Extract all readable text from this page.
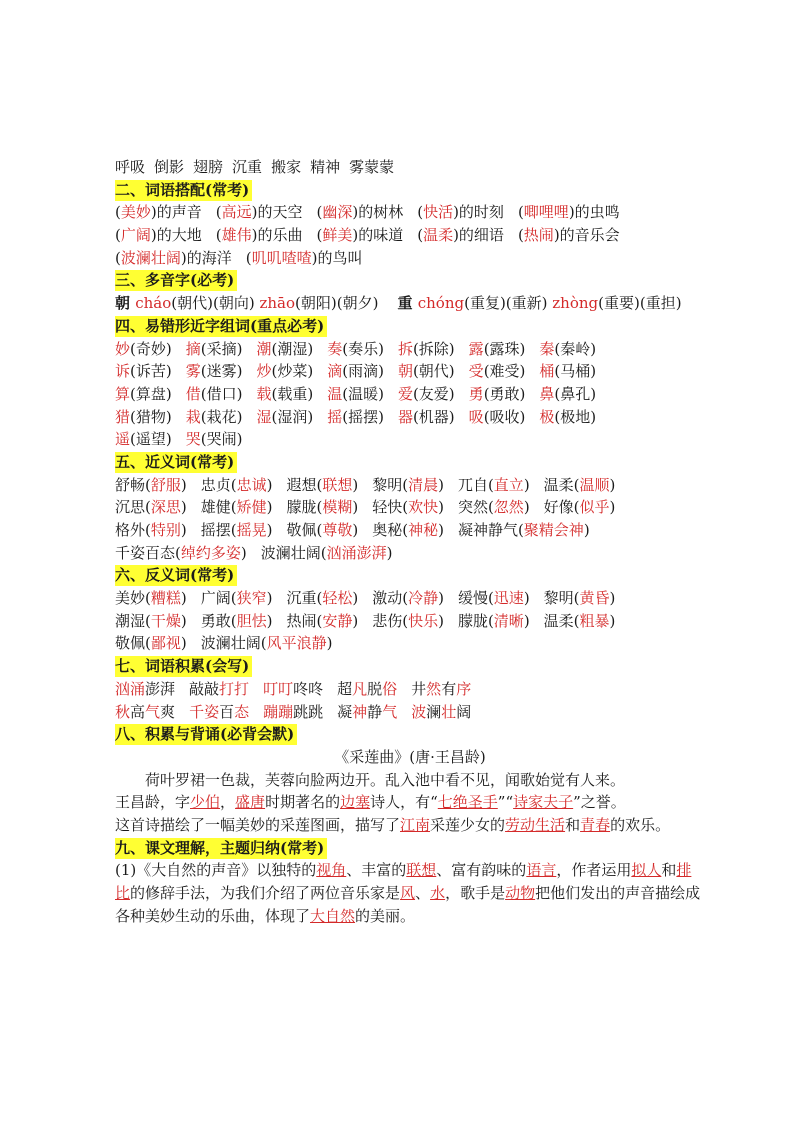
呼吸 倒影 翅膀 沉重 搬家 精神 雾蒙蒙
二、词语搭配(常考)
(美妙)的声音 (高远)的天空 (幽深)的树林 (快活)的时刻 (唧哩哩)的虫鸣
(广阔)的大地 (雄伟)的乐曲 (鲜美)的味道 (温柔)的细语 (热闹)的音乐会
(波澜壮阔)的海洋 (叽叽喳喳)的鸟叫
三、多音字(必考)
朝 cháo(朝代)(朝向) zhāo(朝阳)(朝夕)    重 chóng(重复)(重新) zhòng(重要)(重担)
四、易错形近字组词(重点必考)
妙(奇妙) 摘(采摘) 潮(潮湿) 奏(奏乐) 拆(拆除) 露(露珠) 秦(秦岭)
诉(诉苦) 雾(迷雾) 炒(炒菜) 滴(雨滴) 朝(朝代) 受(难受) 桶(马桶)
算(算盘) 借(借口) 载(载重) 温(温暖) 爱(友爱) 勇(勇敢) 鼻(鼻孔)
猎(猎物) 栽(栽花) 湿(湿润) 摇(摇摆) 器(机器) 吸(吸收) 极(极地)
遥(遥望) 哭(哭闹)
五、近义词(常考)
舒畅(舒服) 忠贞(忠诚) 遐想(联想) 黎明(清晨) 兀自(直立) 温柔(温顺)
沉思(深思) 雄健(矫健) 朦胧(模糊) 轻快(欢快) 突然(忽然) 好像(似乎)
格外(特别) 摇摆(摇晃) 敬佩(尊敬) 奥秘(神秘) 凝神静气(聚精会神)
千姿百态(绰约多姿) 波澜壮阔(汹涌澎湃)
六、反义词(常考)
美妙(糟糕) 广阔(狭窄) 沉重(轻松) 激动(冷静) 缓慢(迅速) 黎明(黄昏)
潮湿(干燥) 勇敢(胆怯) 热闹(安静) 悲伤(快乐) 朦胧(清晰) 温柔(粗暴)
敬佩(鄙视) 波澜壮阔(风平浪静)
七、词语积累(会写)
汹涌澎湃 敲敲打打 叮叮咚咚 超凡脱俗 井然有序
秋高气爽 千姿百态 蹦蹦跳跳 凝神静气 波澜壮阔
八、积累与背诵(必背会默)
《采莲曲》(唐·王昌龄)
荷叶罗裙一色裁，芙蓉向脸两边开。乱入池中看不见，闻歌始觉有人来。
王昌龄，字少伯，盛唐时期著名的边塞诗人，有“七绝圣手”“诗家夫子”之誉。
这首诗描绘了一幅美妙的采莲图画，描写了江南采莲少女的劳动生活和青春的欢乐。
九、课文理解，主题归纳(常考)
(1)《大自然的声音》以独特的视角、丰富的联想、富有韵味的语言，作者运用拟人和排比的修辞手法，为我们介绍了两位音乐家是风、水，歌手是动物把他们发出的声音描绘成各种美妙生动的乐曲，体现了大自然的美丽。
